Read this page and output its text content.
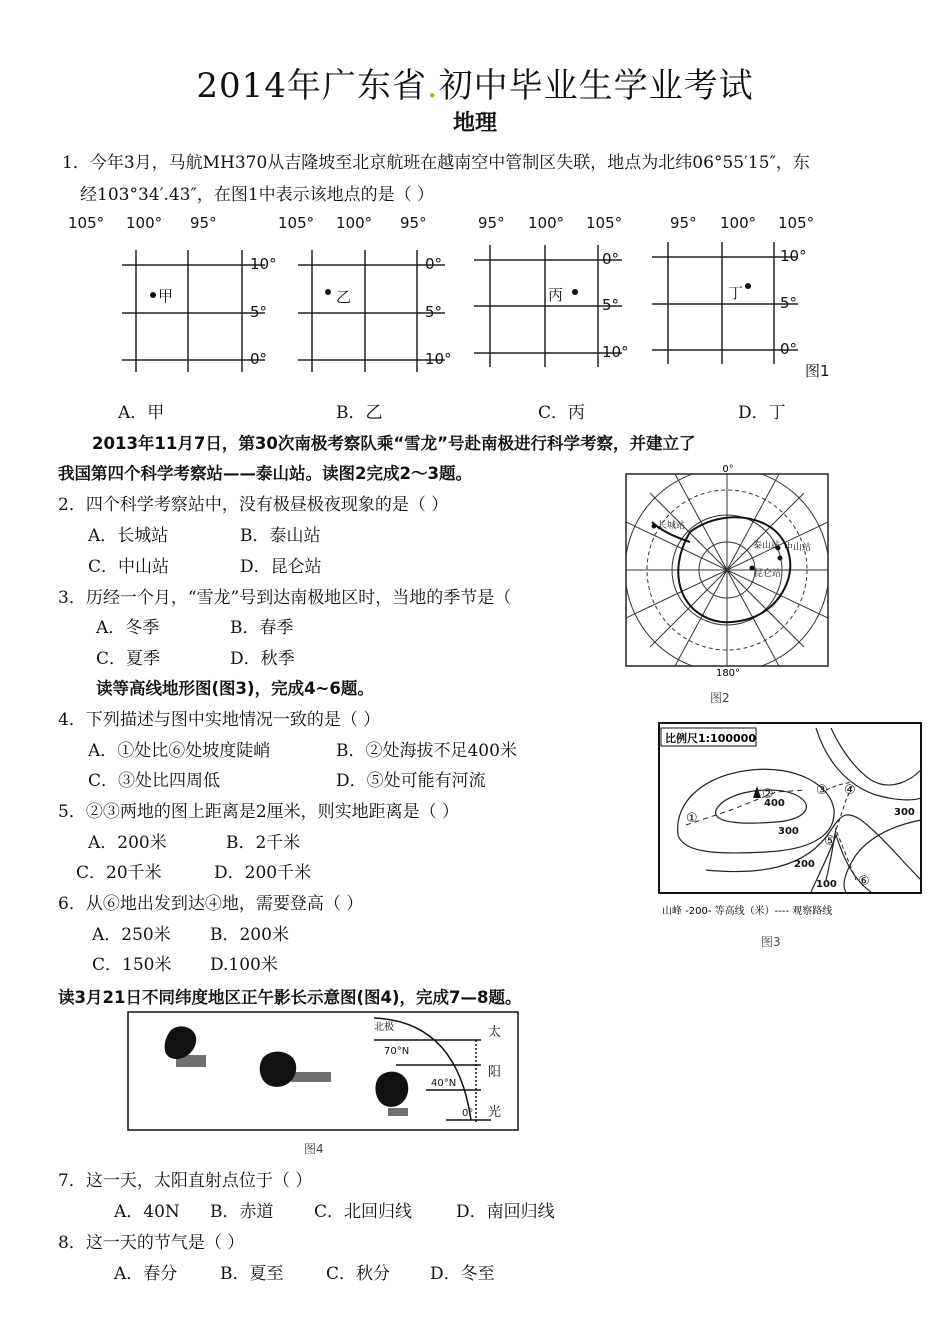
2014年广东省.初中毕业生学业考试
地理
1．今年3月，马航MH370从吉隆坡至北京航班在越南空中管制区失联，地点为北纬06°55′15″，东
经103°34′.43″，在图1中表示该地点的是（ ）
105° 100° 95°
10°
5°
0°
甲
105° 100° 95°
0°
5°
10°
乙
95° 100° 105°
0°
5°
10°
丙
95° 100° 105°
10°
5°
0°
丁
图1
A．甲	B．乙	C．丙	D．丁
2013年11月7日，第30次南极考察队乘“雪龙”号赴南极进行科学考察，并建立了
我国第四个科学考察站——泰山站。读图2完成2～3题。
2．四个科学考察站中，没有极昼极夜现象的是（ ）
A．长城站	B．泰山站
C．中山站	D．昆仑站
3．历经一个月，“雪龙”号到达南极地区时，当地的季节是（
A．冬季	B．春季
C．夏季	D．秋季
0°
长城站
泰山站 中山站
昆仑站
180°
图2
读等高线地形图(图3)，完成4~6题。
4．下列描述与图中实地情况一致的是（ ）
A．①处比⑥处坡度陡峭	B．②处海拔不足400米
C．③处比四周低	D．⑤处可能有河流
5．②③两地的图上距离是2厘米，则实地距离是（ ）
A．200米	B．2千米
C．20千米	D．200千米
6．从⑥地出发到达④地，需要登高（ ）
A．250米 B．200米
C．150米 D.100米
比例尺1:100000
①
②	③ ④
⑤
⑥
400
300
300
200
100
山峰 -200- 等高线（米）---- 观察路线
图3
读3月21日不同纬度地区正午影长示意图(图4)，完成7—8题。
北极
70°N
40°N
0°
太
阳
光
图4
7．这一天，太阳直射点位于（ ）
A．40N B．赤道 C．北回归线	D．南回归线
8．这一天的节气是（ ）
A．春分	B．夏至	C．秋分 D．冬至
